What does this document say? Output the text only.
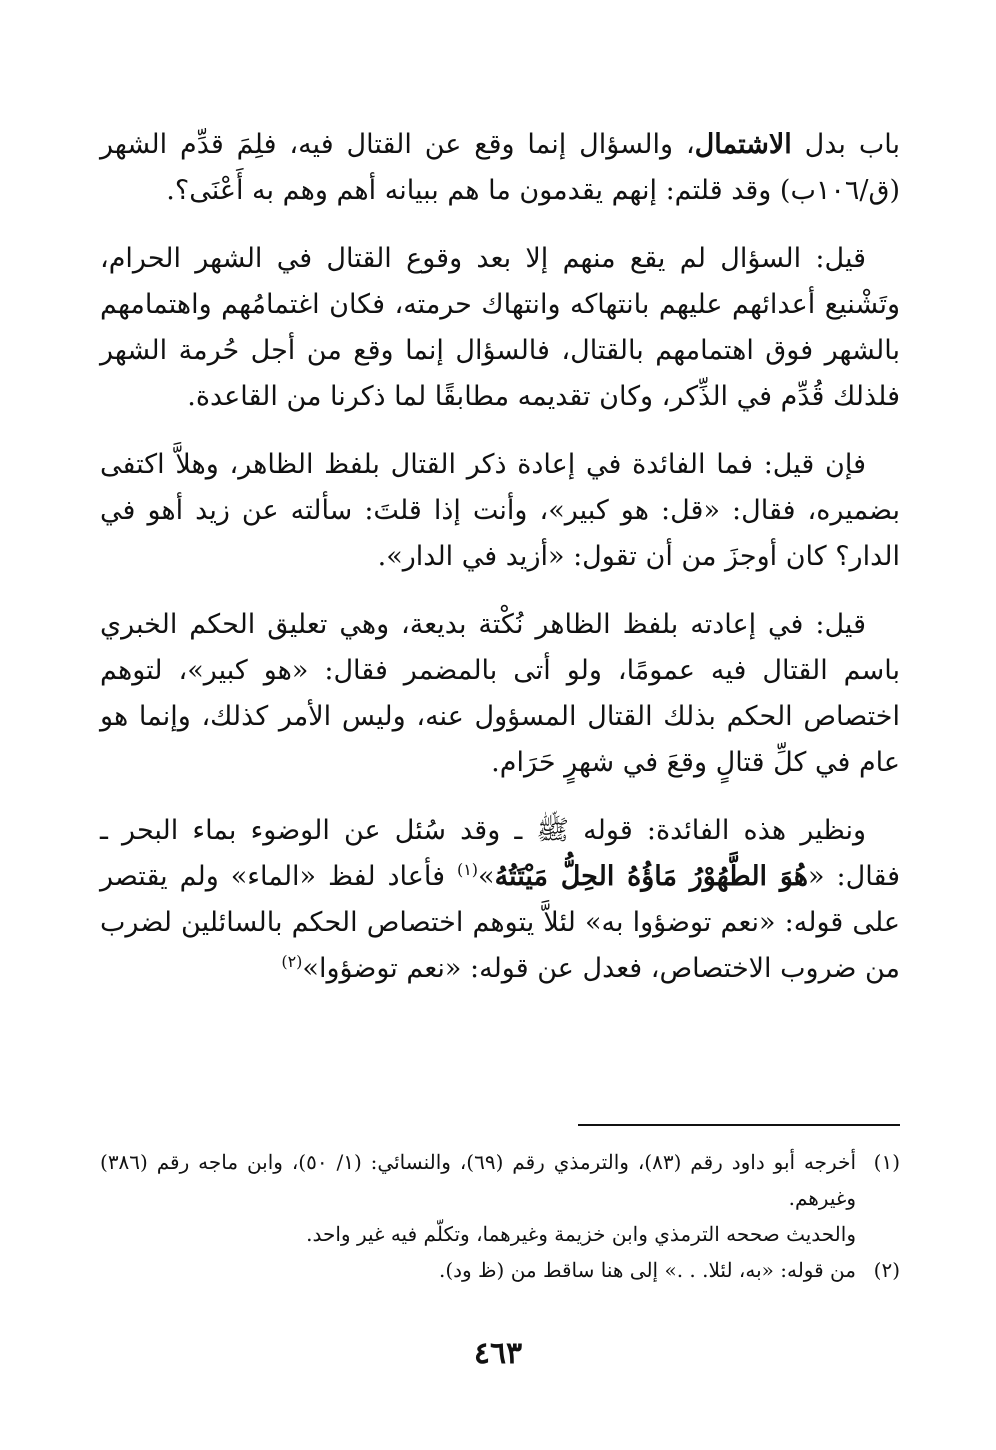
باب بدل الاشتمال، والسؤال إنما وقع عن القتال فيه، فلِمَ قدِّم الشهر (ق/١٠٦ب) وقد قلتم: إنهم يقدمون ما هم ببيانه أهم وهم به أَعْنَى؟.

قيل: السؤال لم يقع منهم إلا بعد وقوع القتال في الشهر الحرام، وتَشْنيع أعدائهم عليهم بانتهاكه وانتهاك حرمته، فكان اغتمامُهم واهتمامهم بالشهر فوق اهتمامهم بالقتال، فالسؤال إنما وقع من أجل حُرمة الشهر فلذلك قُدِّم في الذِّكر، وكان تقديمه مطابقًا لما ذكرنا من القاعدة.

فإن قيل: فما الفائدة في إعادة ذكر القتال بلفظ الظاهر، وهلاَّ اكتفى بضميره، فقال: «قل: هو كبير»، وأنت إذا قلتَ: سألته عن زيد أهو في الدار؟ كان أوجزَ من أن تقول: «أزيد في الدار».

قيل: في إعادته بلفظ الظاهر نُكْتة بديعة، وهي تعليق الحكم الخبري باسم القتال فيه عمومًا، ولو أتى بالمضمر فقال: «هو كبير»، لتوهم اختصاص الحكم بذلك القتال المسؤول عنه، وليس الأمر كذلك، وإنما هو عام في كلِّ قتالٍ وقعَ في شهرٍ حَرَام.

ونظير هذه الفائدة: قوله ﷺ ـ وقد سُئل عن الوضوء بماء البحر ـ فقال: «هُوَ الطَّهُوْرُ مَاؤُهُ الحِلُّ مَيْتَتُهُ»$^{(١)}$ فأعاد لفظ «الماء» ولم يقتصر على قوله: «نعم توضؤوا به» لئلاَّ يتوهم اختصاص الحكم بالسائلين لضرب من ضروب الاختصاص، فعدل عن قوله: «نعم توضؤوا»$^{(٢)}$

(١)
أخرجه أبو داود رقم (٨٣)، والترمذي رقم (٦٩)، والنسائي: (١/ ٥٠)، وابن ماجه رقم (٣٨٦) وغيرهم.

والحديث صححه الترمذي وابن خزيمة وغيرهما، وتكلّم فيه غير واحد.

(٢)
من قوله: «به، لئلا. . .» إلى هنا ساقط من (ظ ود).

٤٦٣
